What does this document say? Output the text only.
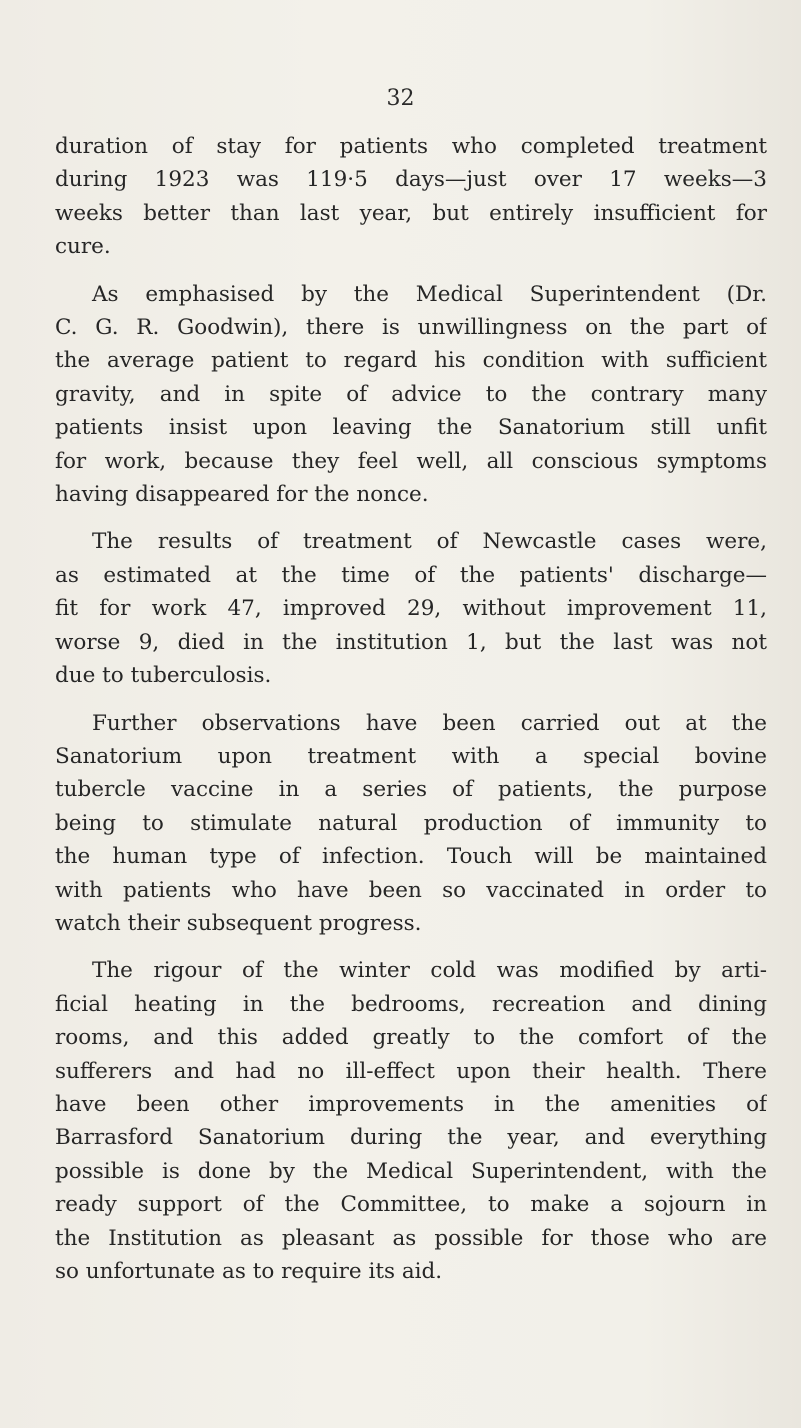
32
duration of stay for patients who completed treatment
during 1923 was 119·5 days—just over 17 weeks—3
weeks better than last year, but entirely insufficient for
cure.
As emphasised by the Medical Superintendent (Dr.
C. G. R. Goodwin), there is unwillingness on the part of
the average patient to regard his condition with sufficient
gravity, and in spite of advice to the contrary many
patients insist upon leaving the Sanatorium still unfit
for work, because they feel well, all conscious symptoms
having disappeared for the nonce.
The results of treatment of Newcastle cases were,
as estimated at the time of the patients' discharge—
fit for work 47, improved 29, without improvement 11,
worse 9, died in the institution 1, but the last was not
due to tuberculosis.
Further observations have been carried out at the
Sanatorium upon treatment with a special bovine
tubercle vaccine in a series of patients, the purpose
being to stimulate natural production of immunity to
the human type of infection. Touch will be maintained
with patients who have been so vaccinated in order to
watch their subsequent progress.
The rigour of the winter cold was modified by arti-
ficial heating in the bedrooms, recreation and dining
rooms, and this added greatly to the comfort of the
sufferers and had no ill-effect upon their health. There
have been other improvements in the amenities of
Barrasford Sanatorium during the year, and everything
possible is done by the Medical Superintendent, with the
ready support of the Committee, to make a sojourn in
the Institution as pleasant as possible for those who are
so unfortunate as to require its aid.
